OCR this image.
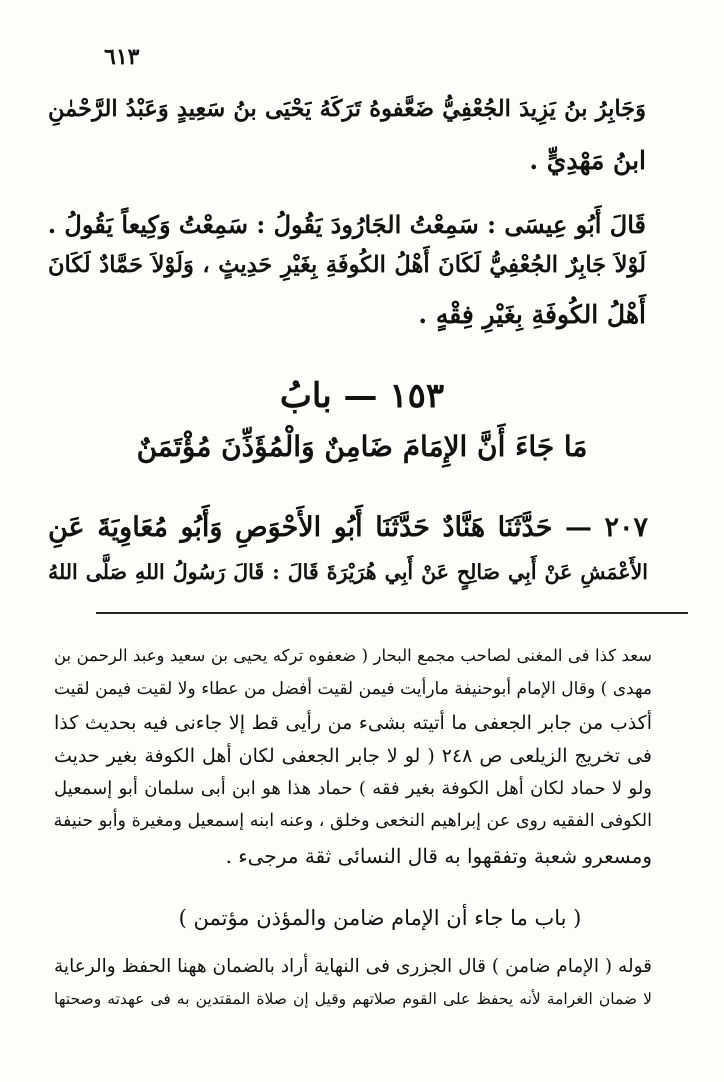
٦١٣
وَجَابِرُ بنُ يَزِيدَ الجُعْفِيُّ ضَعَّفوهُ تَرَكَهُ يَحْيَى بنُ سَعِيدٍ وَعَبْدُ الرَّحْمٰنِ
ابنُ مَهْدِيٍّ .
قَالَ أَبُو عِيسَى : سَمِعْتُ الجَارُودَ يَقُولُ : سَمِعْتُ وَكِيعاً يَقُولُ .
لَوْلاَ جَابِرٌ الجُعْفِيُّ لَكَانَ أَهْلُ الكُوفَةِ بِغَيْرِ حَدِيثٍ ، وَلَوْلاَ حَمَّادٌ لَكَانَ
أَهْلُ الكُوفَةِ بِغَيْرِ فِقْهٍ .
١٥٣ — بابُ
مَا جَاءَ أَنَّ الإِمَامَ ضَامِنٌ وَالْمُؤَذِّنَ مُؤْتَمَنٌ
٢٠٧ — حَدَّثَنَا هَنَّادٌ حَدَّثَنَا أَبُو الأَحْوَصِ وَأَبُو مُعَاوِيَةَ عَنِ
الأَعْمَشِ عَنْ أَبِي صَالِحٍ عَنْ أَبِي هُرَيْرَةَ قَالَ : قَالَ رَسُولُ اللهِ صَلَّى اللهُ
سعد كذا فى المغنى لصاحب مجمع البحار ( ضعفوه تركه يحيى بن سعيد وعبد الرحمن بن
مهدى ) وقال الإمام أبوحنيفة مارأيت فيمن لقيت أفضل من عطاء ولا لقيت فيمن لقيت
أكذب من جابر الجعفى ما أتيته بشىء من رأيى قط إلا جاءنى فيه بحديث كذا
فى تخريج الزيلعى ص ٢٤٨ ( لو لا جابر الجعفى لكان أهل الكوفة بغير حديث
ولو لا حماد لكان أهل الكوفة بغير فقه ) حماد هذا هو ابن أبى سلمان أبو إسمعيل
الكوفى الفقيه روى عن إبراهيم النخعى وخلق ، وعنه ابنه إسمعيل ومغيرة وأبو حنيفة
ومسعرو شعبة وتفقهوا به قال النسائى ثقة مرجىء .
( باب ما جاء أن الإمام ضامن والمؤذن مؤتمن )
قوله ( الإمام ضامن ) قال الجزرى فى النهاية أراد بالضمان ههنا الحفظ والرعاية
لا ضمان الغرامة لأنه يحفظ على القوم صلاتهم وقيل إن صلاة المقتدين به فى عهدته وصحتها
